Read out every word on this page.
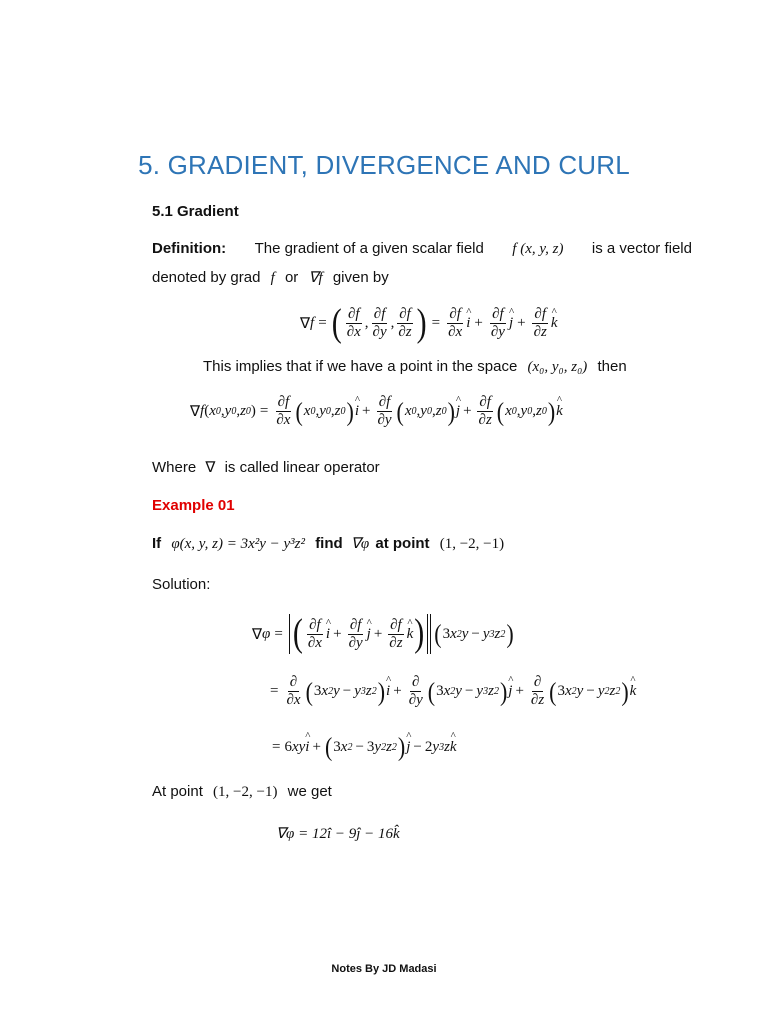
5. GRADIENT, DIVERGENCE AND CURL
5.1 Gradient
Definition: The gradient of a given scalar field f (x, y, z) is a vector field
denoted by grad f or ∇f given by
∇ f = ( $\frac{\partial f}{\partial x}$ , $\frac{\partial f}{\partial y}$ , $\frac{\partial f}{\partial z}$ ) = $\frac{\partial f}{\partial x}$ ^ $i + \frac{\partial f}{\partial y}$ ^ $j + \frac{\partial f}{\partial z}$ ^ k
This implies that if we have a point in the space (x₀, y₀, z₀) then
∇ f ( x 0 , y 0 , z 0 ) = $\frac{\partial f}{\partial x}$ ( x 0 , y 0 , z 0 ) ^ $i + \frac{\partial f}{\partial y}$ ( x 0 , y 0 , z 0 ) ^ $j + \frac{\partial f}{\partial z}$ ( x 0 , y 0 , z 0 ) ^ k
Where ∇ is called linear operator
Example 01
If φ(x, y, z) = 3x²y − y³z² find ∇φ at point (1, −2, −1)
Solution:
∇ φ = ( $\frac{\partial f}{\partial x}$ ^ $i + \frac{\partial f}{\partial y}$ ^ $j + \frac{\partial f}{\partial z}$ ^ k ) ( 3 x 2 y − y 3 z 2 )
= $\frac{\partial}{\partial x}$ ( 3 x 2 y − y 3 z 2 ) ^ $i + \frac{\partial}{\partial y}$ ( 3 x 2 y − y 3 z 2 ) ^ $j + \frac{\partial}{\partial z}$ ( 3 x 2 y − y 2 z 2 ) ^ k
= 6 xy ^ i + ( 3 x 2 − 3 y 2 z 2 ) ^ j − 2 y 3 z ^ k
At point (1, −2, −1) we get
∇φ = 12î − 9ĵ − 16k̂
Notes By JD Madasi
